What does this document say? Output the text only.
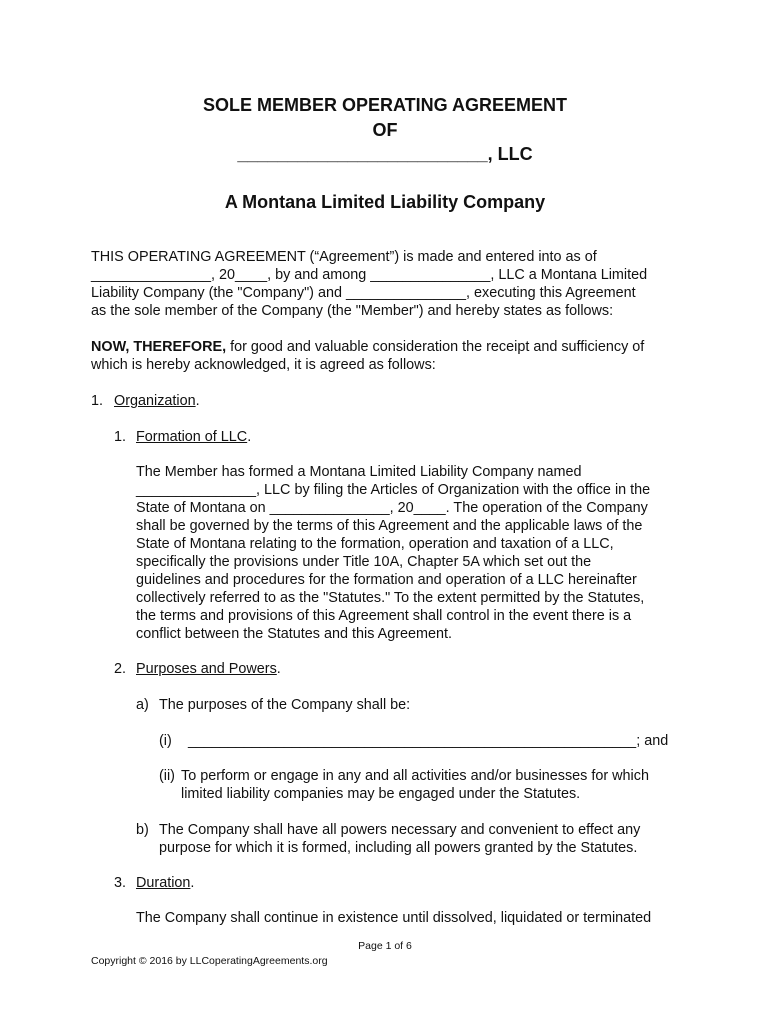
SOLE MEMBER OPERATING AGREEMENT
OF
_________________________, LLC
A Montana Limited Liability Company
THIS OPERATING AGREEMENT (“Agreement”) is made and entered into as of
_______________, 20____, by and among _______________, LLC a Montana Limited
Liability Company (the "Company") and _______________, executing this Agreement
as the sole member of the Company (the "Member") and hereby states as follows:
NOW, THEREFORE, for good and valuable consideration the receipt and sufficiency of
which is hereby acknowledged, it is agreed as follows:
1. Organization.
1. Formation of LLC.
The Member has formed a Montana Limited Liability Company named
_______________, LLC by filing the Articles of Organization with the office in the
State of Montana on _______________, 20____. The operation of the Company
shall be governed by the terms of this Agreement and the applicable laws of the
State of Montana relating to the formation, operation and taxation of a LLC,
specifically the provisions under Title 10A, Chapter 5A which set out the
guidelines and procedures for the formation and operation of a LLC hereinafter
collectively referred to as the "Statutes." To the extent permitted by the Statutes,
the terms and provisions of this Agreement shall control in the event there is a
conflict between the Statutes and this Agreement.
2. Purposes and Powers.
a) The purposes of the Company shall be:
(i) ________________________________________________________; and
(ii) To perform or engage in any and all activities and/or businesses for which
limited liability companies may be engaged under the Statutes.
b) The Company shall have all powers necessary and convenient to effect any
purpose for which it is formed, including all powers granted by the Statutes.
3. Duration.
The Company shall continue in existence until dissolved, liquidated or terminated
Page 1 of 6
Copyright © 2016 by LLCoperatingAgreements.org
